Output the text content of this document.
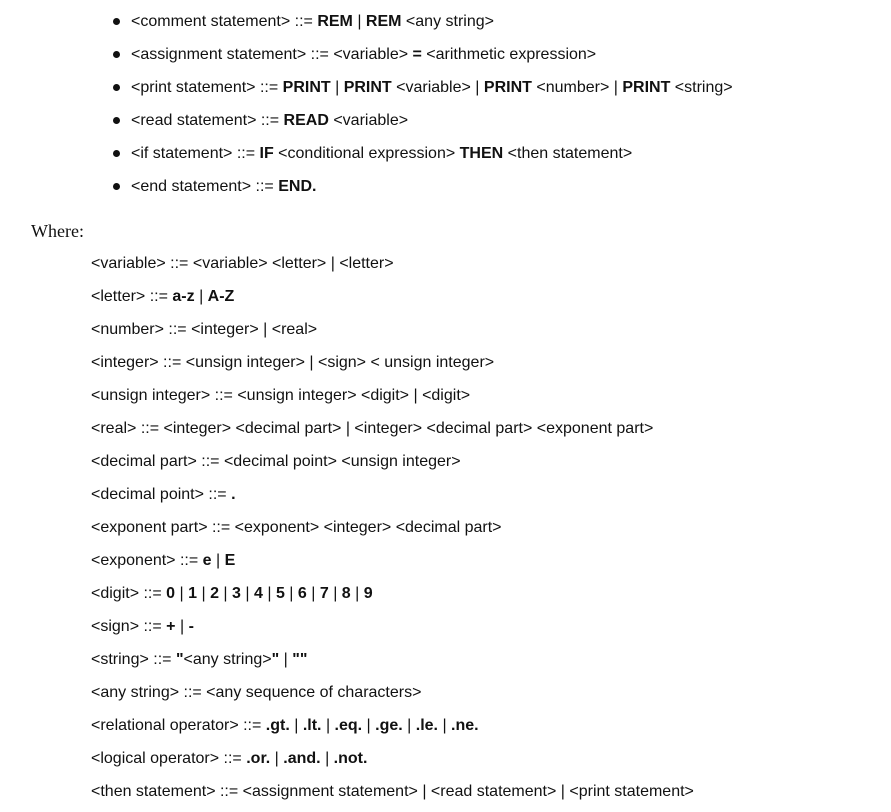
<comment statement> ::= REM | REM <any string>
<assignment statement> ::= <variable> = <arithmetic expression>
<print statement> ::= PRINT | PRINT <variable> | PRINT <number> | PRINT <string>
<read statement> ::= READ <variable>
<if statement> ::= IF <conditional expression> THEN <then statement>
<end statement> ::= END.
Where:
<variable> ::= <variable> <letter> | <letter>
<letter> ::= a-z | A-Z
<number> ::= <integer> | <real>
<integer> ::= <unsign integer> | <sign> < unsign integer>
<unsign integer> ::= <unsign integer> <digit> | <digit>
<real> ::= <integer> <decimal part> | <integer> <decimal part> <exponent part>
<decimal part> ::= <decimal point> <unsign integer>
<decimal point> ::= .
<exponent part> ::= <exponent> <integer> <decimal part>
<exponent> ::= e | E
<digit> ::= 0 | 1 | 2 | 3 | 4 | 5 | 6 | 7 | 8 | 9
<sign> ::= + | -
<string> ::= "<any string>" | ""
<any string> ::= <any sequence of characters>
<relational operator> ::= .gt. | .lt. | .eq. | .ge. | .le. | .ne.
<logical operator> ::= .or. | .and. | .not.
<then statement> ::= <assignment statement> | <read statement> | <print statement>
